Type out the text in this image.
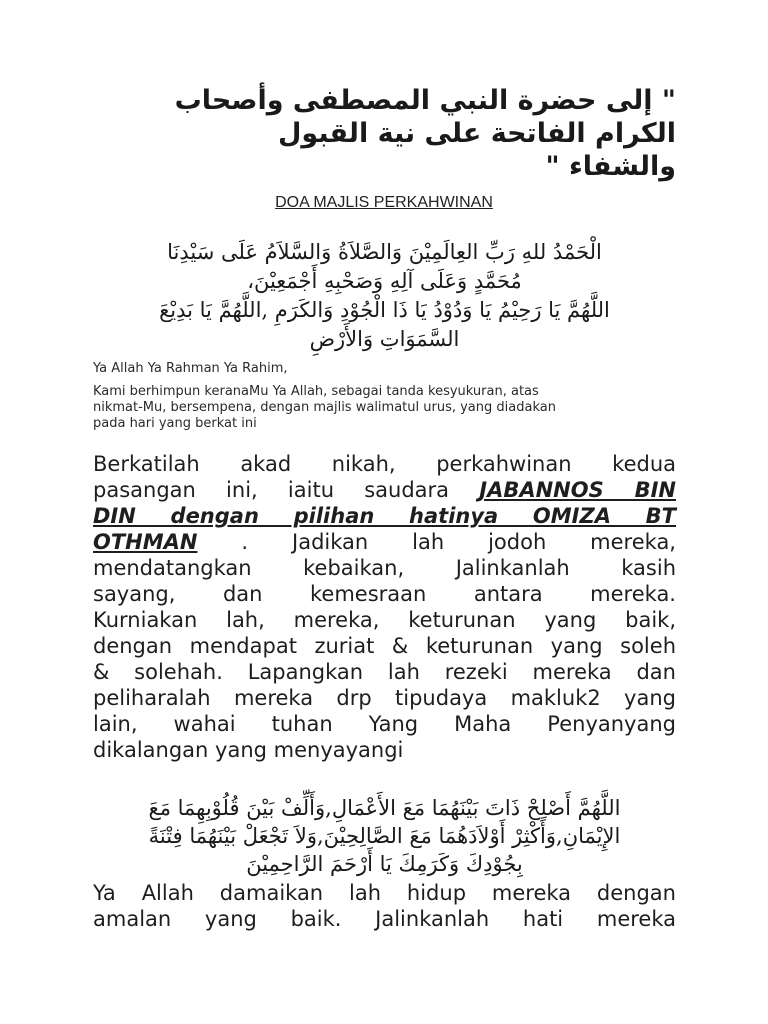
" إلى حضرة النبي المصطفى وأصحاب
الكرام الفاتحة على نية القبول
والشفاء "
DOA MAJLIS PERKAHWINAN
الْحَمْدُ للهِ رَبِّ العِالَمِيْنَ وَالصَّلاَةُ وَالسَّلاَمُ عَلَى سَيْدِنَا
مُحَمَّدٍ وَعَلَى آلِهِ وَصَحْبِهِ أَجْمَعِيْنَ،
اللَّهُمَّ يَا رَحِيْمُ يَا وَدُوْدُ يَا ذَا الْجُوْدِ وَالكَرَمِ ,اللَّهُمَّ يَا بَدِيْعَ
السَّمَوَاتِ وَالأَرْضِ
Ya Allah Ya Rahman Ya Rahim,
Kami berhimpun keranaMu Ya Allah, sebagai tanda kesyukuran, atas
nikmat-Mu, bersempena, dengan majlis walimatul urus, yang diadakan
pada hari yang berkat ini
Berkatilah akad nikah, perkahwinan kedua
pasangan ini, iaitu saudara JABANNOS BIN
DIN dengan pilihan hatinya OMIZA BT
OTHMAN . Jadikan lah jodoh mereka,
mendatangkan kebaikan, Jalinkanlah kasih
sayang, dan kemesraan antara mereka.
Kurniakan lah, mereka, keturunan yang baik,
dengan mendapat zuriat & keturunan yang soleh
& solehah. Lapangkan lah rezeki mereka dan
peliharalah mereka drp tipudaya makluk2 yang
lain, wahai tuhan Yang Maha Penyanyang
dikalangan yang menyayangi
اللَّهُمَّ أَصْلِحْ ذَاتَ بَيْنَهُمَا مَعَ الأَعْمَالِ,وَأَلِّفْ بَيْنَ قُلُوْبِهِمَا مَعَ
الإِيْمَانِ,وَأَكْثِرْ أَوْلاَدَهُمَا مَعَ الصَّالِحِيْنَ,وَلاَ تَجْعَلْ بَيْنَهُمَا فِتْنَةً
بِجُوْدِكَ وَكَرَمِكَ يَا أَرْحَمَ الرَّاحِمِيْنَ
Ya Allah damaikan lah hidup mereka dengan
amalan yang baik. Jalinkanlah hati mereka
